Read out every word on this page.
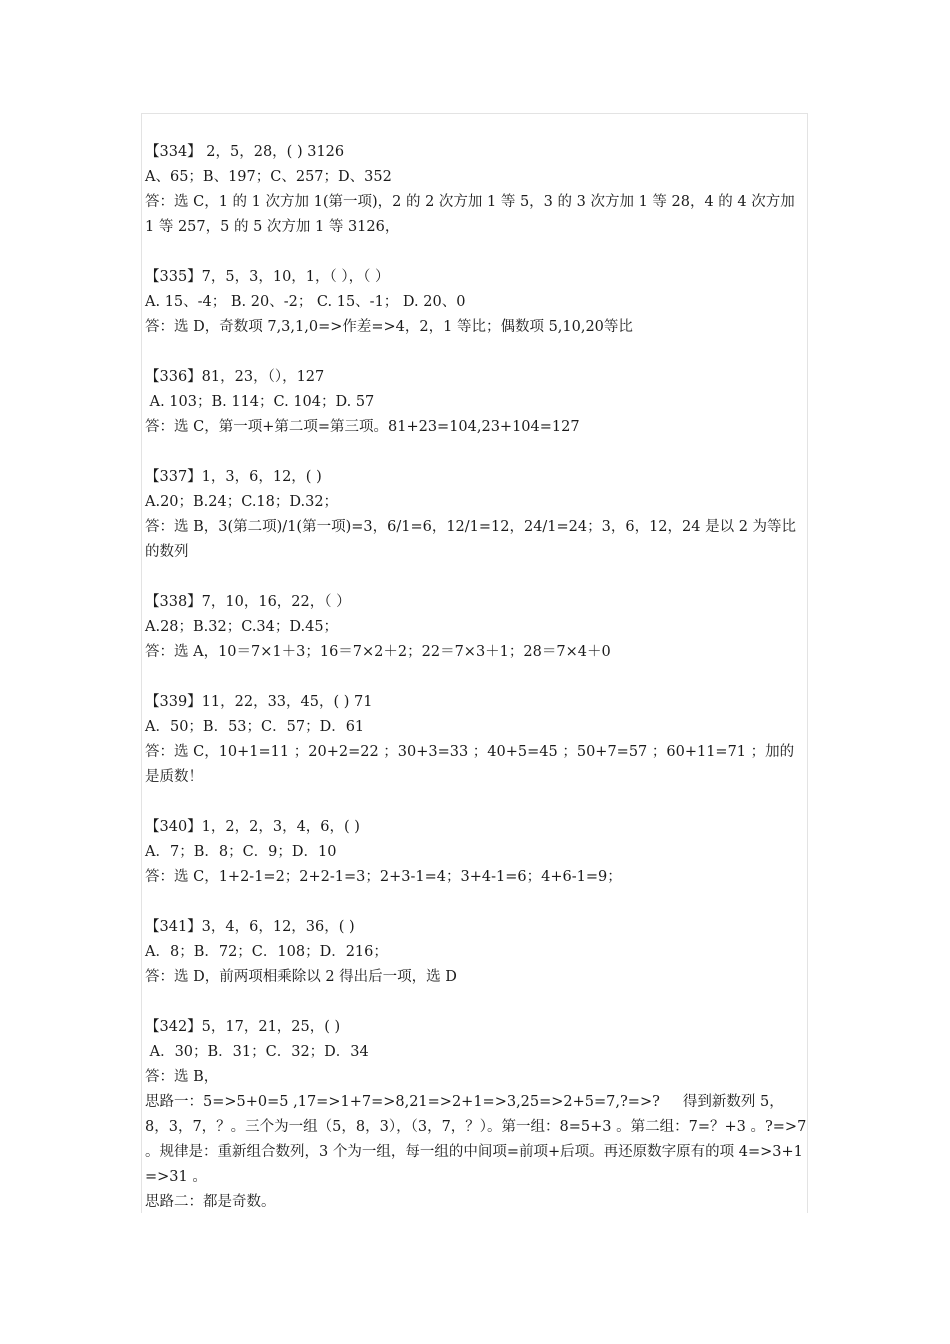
【334】 2，5，28，( ) 3126
A、65；B、197；C、257；D、352
答：选 C，1 的 1 次方加 1(第一项)，2 的 2 次方加 1 等 5，3 的 3 次方加 1 等 28，4 的 4 次方加 1 等 257，5 的 5 次方加 1 等 3126，
【335】7，5，3，10，1，（ ），（ ）
A. 15、-4； B. 20、-2； C. 15、-1； D. 20、0
答：选 D，奇数项 7,3,1,0=>作差=>4，2，1 等比；偶数项 5,10,20等比
【336】81，23，（），127
A. 103；B. 114；C. 104；D. 57
答：选 C，第一项+第二项=第三项。81+23=104,23+104=127
【337】1，3，6，12，( )
A.20；B.24；C.18；D.32；
答：选 B，3(第二项)/1(第一项)=3，6/1=6，12/1=12，24/1=24；3，6，12，24 是以 2 为等比的数列
【338】7，10，16，22，（ ）
A.28；B.32；C.34；D.45；
答：选 A，10＝7×1＋3；16＝7×2＋2；22＝7×3＋1；28＝7×4＋0
【339】11，22，33，45，( ) 71
A．50；B．53；C．57；D．61
答：选 C，10+1=11 ；20+2=22 ；30+3=33 ；40+5=45 ；50+7=57 ；60+11=71 ；加的是质数！
【340】1，2，2，3，4，6，( )
A．7；B．8；C．9；D．10
答：选 C，1+2-1=2；2+2-1=3；2+3-1=4；3+4-1=6；4+6-1=9；
【341】3，4，6，12，36，( )
A．8；B．72；C．108；D．216；
答：选 D，前两项相乘除以 2 得出后一项，选 D
【342】5，17，21，25，( )
A．30；B．31；C．32；D．34
答：选 B，
思路一：5=>5+0=5 ,17=>1+7=>8,21=>2+1=>3,25=>2+5=7,?=>?     得到新数列 5，8，3，7，？。三个为一组（5，8，3），（3，7，？）。第一组：8=5+3 。第二组：7=？+3 。?=>7 。规律是：重新组合数列，3 个为一组，每一组的中间项=前项+后项。再还原数字原有的项 4=>3+1=>31 。
思路二：都是奇数。
